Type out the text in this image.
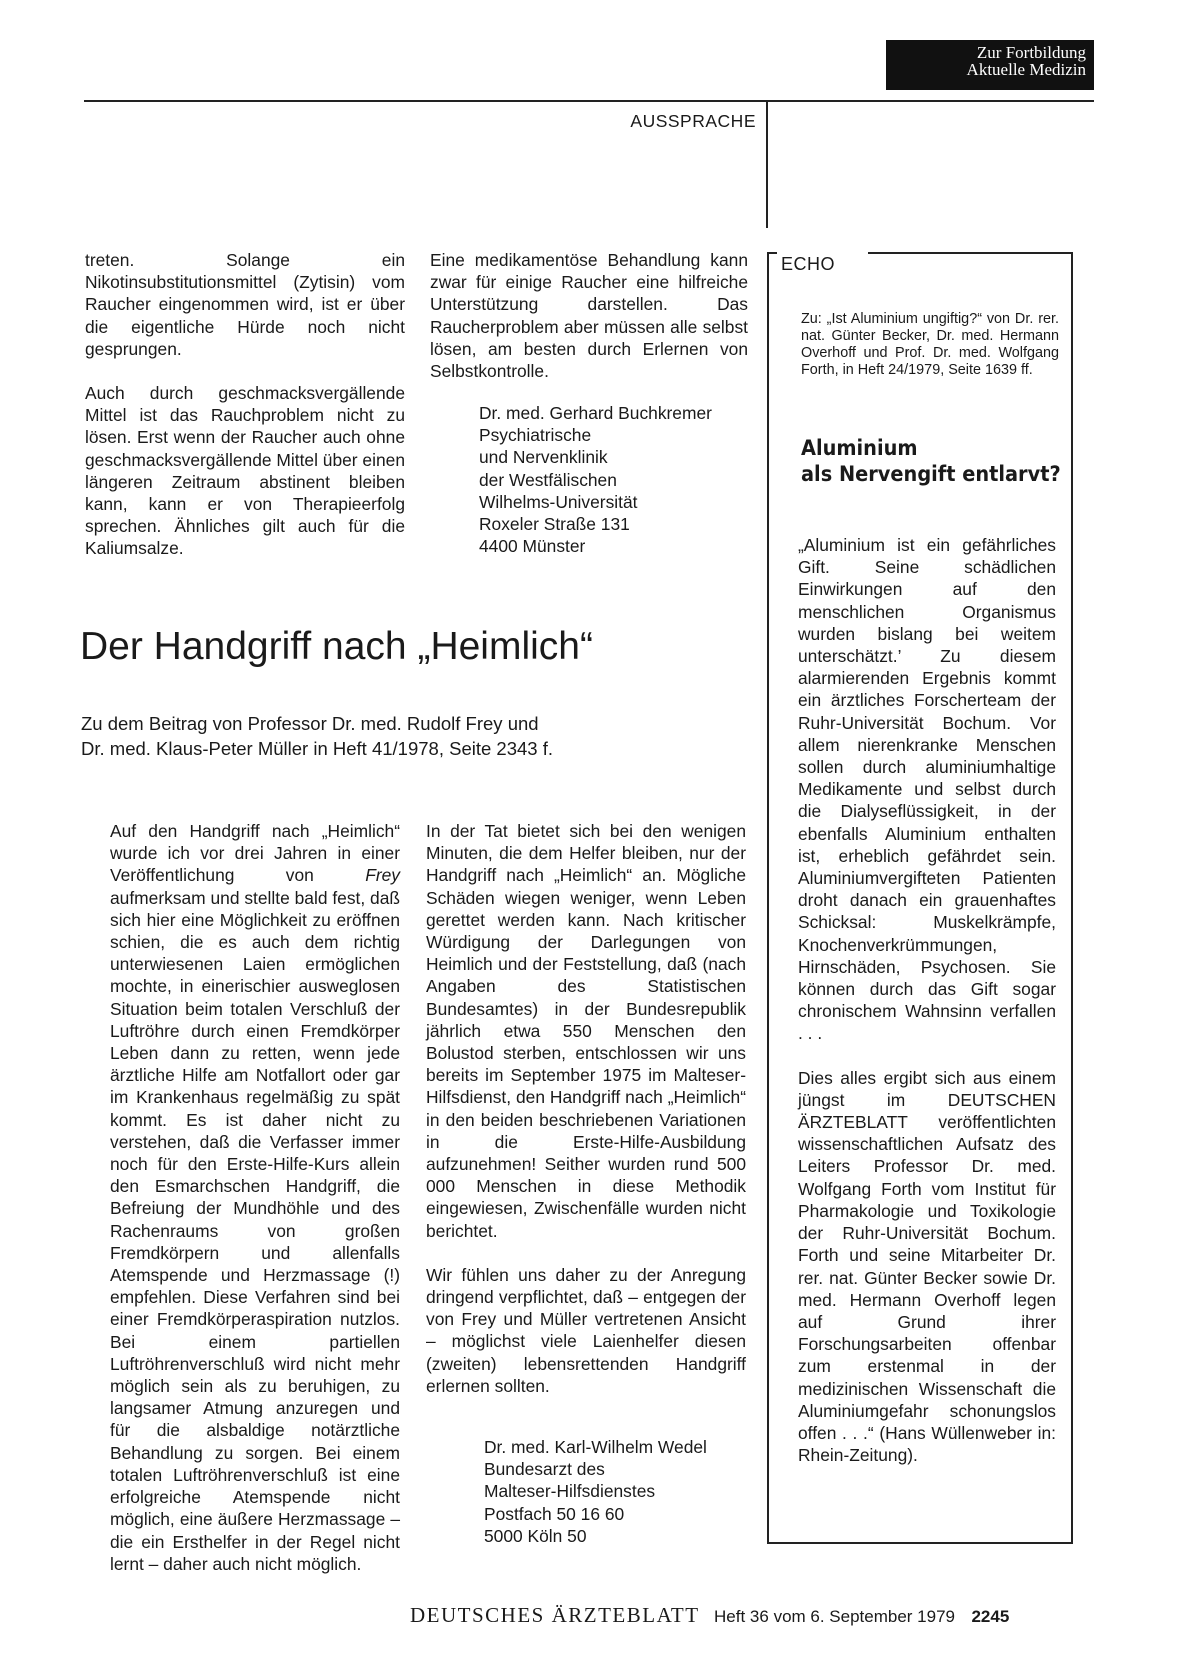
Zur Fortbildung
Aktuelle Medizin
AUSSPRACHE

treten. Solange ein Nikotinsubstitutionsmittel (Zytisin) vom Raucher eingenommen wird, ist er über die eigentliche Hürde noch nicht gesprungen.

Auch durch geschmacksvergällende Mittel ist das Rauchproblem nicht zu lösen. Erst wenn der Raucher auch ohne geschmacksvergällende Mittel über einen längeren Zeitraum abstinent bleiben kann, kann er von Therapieerfolg sprechen. Ähnliches gilt auch für die Kaliumsalze.

Eine medikamentöse Behandlung kann zwar für einige Raucher eine hilfreiche Unterstützung darstellen. Das Raucherproblem aber müssen alle selbst lösen, am besten durch Erlernen von Selbstkontrolle.

Dr. med. Gerhard Buchkremer
Psychiatrische
und Nervenklinik
der Westfälischen
Wilhelms-Universität
Roxeler Straße 131
4400 Münster
Der Handgriff nach „Heimlich“
Zu dem Beitrag von Professor Dr. med. Rudolf Frey und
Dr. med. Klaus-Peter Müller in Heft 41/1978, Seite 2343 f.

Auf den Handgriff nach „Heimlich“ wurde ich vor drei Jahren in einer Veröffentlichung von Frey aufmerksam und stellte bald fest, daß sich hier eine Möglichkeit zu eröffnen schien, die es auch dem richtig unterwiesenen Laien ermöglichen mochte, in einerischier ausweglosen Situation beim totalen Verschluß der Luftröhre durch einen Fremdkörper Leben dann zu retten, wenn jede ärztliche Hilfe am Notfallort oder gar im Krankenhaus regelmäßig zu spät kommt. Es ist daher nicht zu verstehen, daß die Verfasser immer noch für den Erste-Hilfe-Kurs allein den Esmarchschen Handgriff, die Befreiung der Mundhöhle und des Rachenraums von großen Fremdkörpern und allenfalls Atemspende und Herzmassage (!) empfehlen. Diese Verfahren sind bei einer Fremdkörperaspiration nutzlos. Bei einem partiellen Luftröhrenverschluß wird nicht mehr möglich sein als zu beruhigen, zu langsamer Atmung anzuregen und für die alsbaldige notärztliche Behandlung zu sorgen. Bei einem totalen Luftröhrenverschluß ist eine erfolgreiche Atemspende nicht möglich, eine äußere Herzmassage – die ein Ersthelfer in der Regel nicht lernt – daher auch nicht möglich.

In der Tat bietet sich bei den wenigen Minuten, die dem Helfer bleiben, nur der Handgriff nach „Heimlich“ an. Mögliche Schäden wiegen weniger, wenn Leben gerettet werden kann. Nach kritischer Würdigung der Darlegungen von Heimlich und der Feststellung, daß (nach Angaben des Statistischen Bundesamtes) in der Bundesrepublik jährlich etwa 550 Menschen den Bolustod sterben, entschlossen wir uns bereits im September 1975 im Malteser-Hilfsdienst, den Handgriff nach „Heimlich“ in den beiden beschriebenen Variationen in die Erste-Hilfe-Ausbildung aufzunehmen! Seither wurden rund 500 000 Menschen in diese Methodik eingewiesen, Zwischenfälle wurden nicht berichtet.

Wir fühlen uns daher zu der Anregung dringend verpflichtet, daß – entgegen der von Frey und Müller vertretenen Ansicht – möglichst viele Laienhelfer diesen (zweiten) lebensrettenden Handgriff erlernen sollten.

Dr. med. Karl-Wilhelm Wedel
Bundesarzt des
Malteser-Hilfsdienstes
Postfach 50 16 60
5000 Köln 50
ECHO
Zu: „Ist Aluminium ungiftig?“ von Dr. rer. nat. Günter Becker, Dr. med. Hermann Overhoff und Prof. Dr. med. Wolfgang Forth, in Heft 24/1979, Seite 1639 ff.
Aluminium
als Nervengift entlarvt?

„Aluminium ist ein gefährliches Gift. Seine schädlichen Einwirkungen auf den menschlichen Organismus wurden bislang bei weitem unterschätzt.’ Zu diesem alarmierenden Ergebnis kommt ein ärztliches Forscherteam der Ruhr-Universität Bochum. Vor allem nierenkranke Menschen sollen durch aluminiumhaltige Medikamente und selbst durch die Dialyseflüssigkeit, in der ebenfalls Aluminium enthalten ist, erheblich gefährdet sein. Aluminiumvergifteten Patienten droht danach ein grauenhaftes Schicksal: Muskelkrämpfe, Knochenverkrümmungen, Hirnschäden, Psychosen. Sie können durch das Gift sogar chronischem Wahnsinn verfallen . . .

Dies alles ergibt sich aus einem jüngst im DEUTSCHEN ÄRZTEBLATT veröffentlichten wissenschaftlichen Aufsatz des Leiters Professor Dr. med. Wolfgang Forth vom Institut für Pharmakologie und Toxikologie der Ruhr-Universität Bochum. Forth und seine Mitarbeiter Dr. rer. nat. Günter Becker sowie Dr. med. Hermann Overhoff legen auf Grund ihrer Forschungsarbeiten offenbar zum erstenmal in der medizinischen Wissenschaft die Aluminiumgefahr schonungslos offen . . .“ (Hans Wüllenweber in: Rhein-Zeitung).

DEUTSCHES ÄRZTEBLATT Heft 36 vom 6. September 1979 2245
